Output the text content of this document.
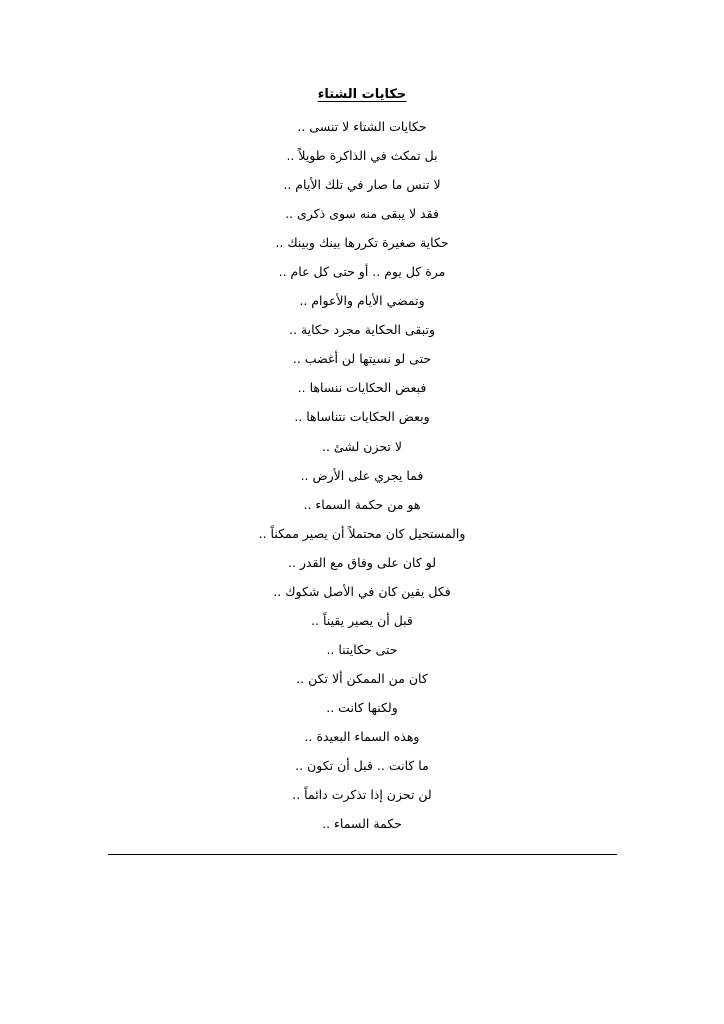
حكايات الشتاء
حكايات الشتاء لا تنسى ..
بل تمكث في الذاكرة طويلاً ..
لا تنس ما صار في تلك الأيام ..
فقد لا يبقى منه سوى ذكرى ..
حكاية صغيرة تكررها بينك وبينك ..
مرة كل يوم .. أو حتى كل عام ..
وتمضي الأيام والأعوام ..
وتبقى الحكاية مجرد حكاية ..
حتى لو نسيتها لن أغضب ..
فبعض الحكايات ننساها ..
وبعض الحكايات نتناساها ..
لا تحزن لشئ ..
فما يجري على الأرض ..
هو من حكمة السماء ..
والمستحيل كان محتملاً أن يصير ممكناً ..
لو كان على وفاق مع القدر ..
فكل يقين كان في الأصل شكوك ..
قبل أن يصير يقيناً ..
حتى حكايتنا ..
كان من الممكن ألا تكن ..
ولكنها كانت ..
وهذه السماء البعيدة ..
ما كانت .. قبل أن تكون ..
لن تحزن إذا تذكرت دائماً ..
حكمة السماء ..
